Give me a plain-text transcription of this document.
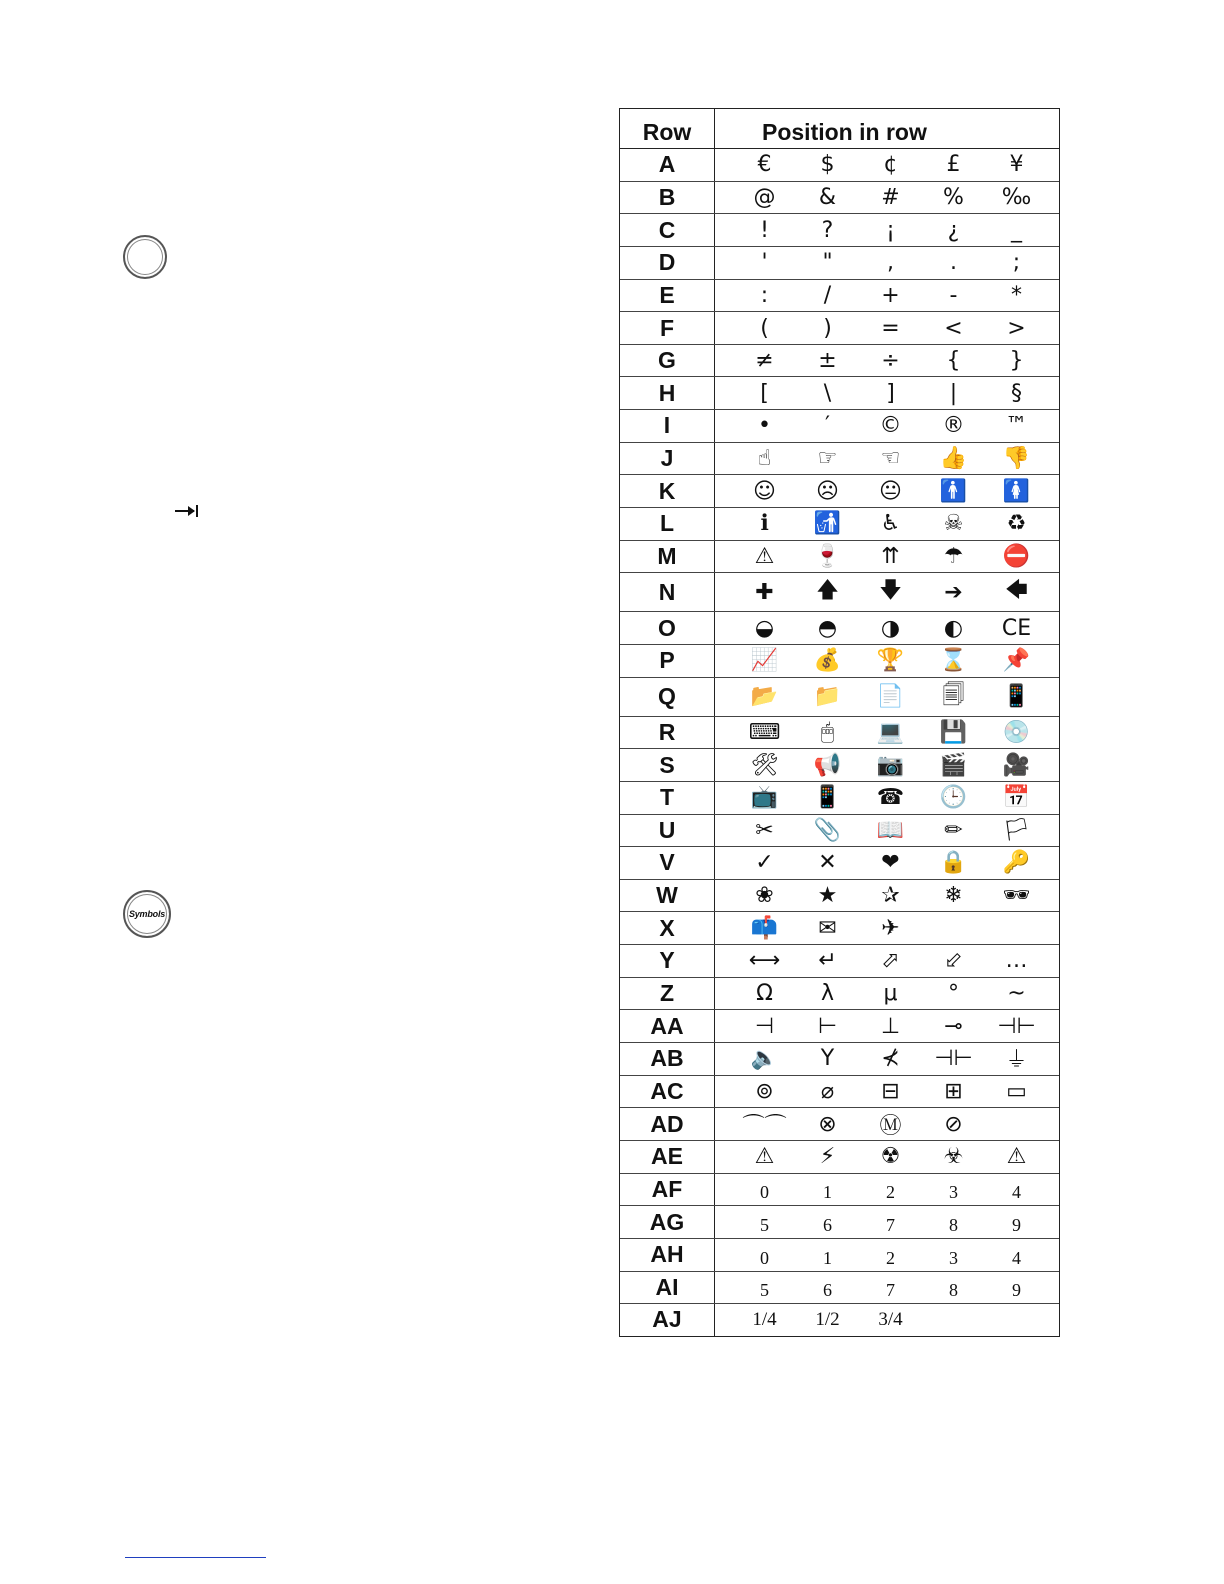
Symbols
Row	Position in row
A	€	$	¢	£	¥
B	@	&	#	%	‰
C	!	?	¡	¿	_
D	'	"	,	.	;
E	:	/	+	-	*
F	(	)	=	<	>
G	≠	±	÷	{	}
H	[	\	]	|	§
I	•	′	©	®	™
J	☝	☞	☜	👍	👎
K	☺	☹	😐	🚹	🚺
L	ℹ	🚮	♿	☠	♻
M	⚠	🍷	⇈	☂	⛔
N	✚	🡅	🡇	➔	🡄
O	◒	◓	◑	◐	CE
P	📈	💰	🏆	⌛	📌
Q	📂	📁	📄	🗐	📱
R	⌨	🖱	💻	💾	💿
S	🛠	📢	📷	🎬	🎥
T	📺	📱	☎	🕒	📅
U	✂	📎	📖	✏	🏳
V	✓	✕	❤	🔒	🔑
W	❀	★	✰	❄	🕶
X	📫	✉	✈
Y	⟷	↵	⬀	⬃	…
Z	Ω	λ	μ	°	~
AA	⊣	⊢	⊥	⊸	⊣⊢
AB	🔈	Y	⊀	⊣⊢	⏚
AC	⊚	⌀	⊟	⊞	▭
AD	⌒⌒	⊗	Ⓜ	⊘
AE	⚠	⚡	☢	☣	⚠
AF	0	1	2	3	4
AG	5	6	7	8	9
AH	0	1	2	3	4
AI	5	6	7	8	9
AJ	1/4	1/2	3/4
